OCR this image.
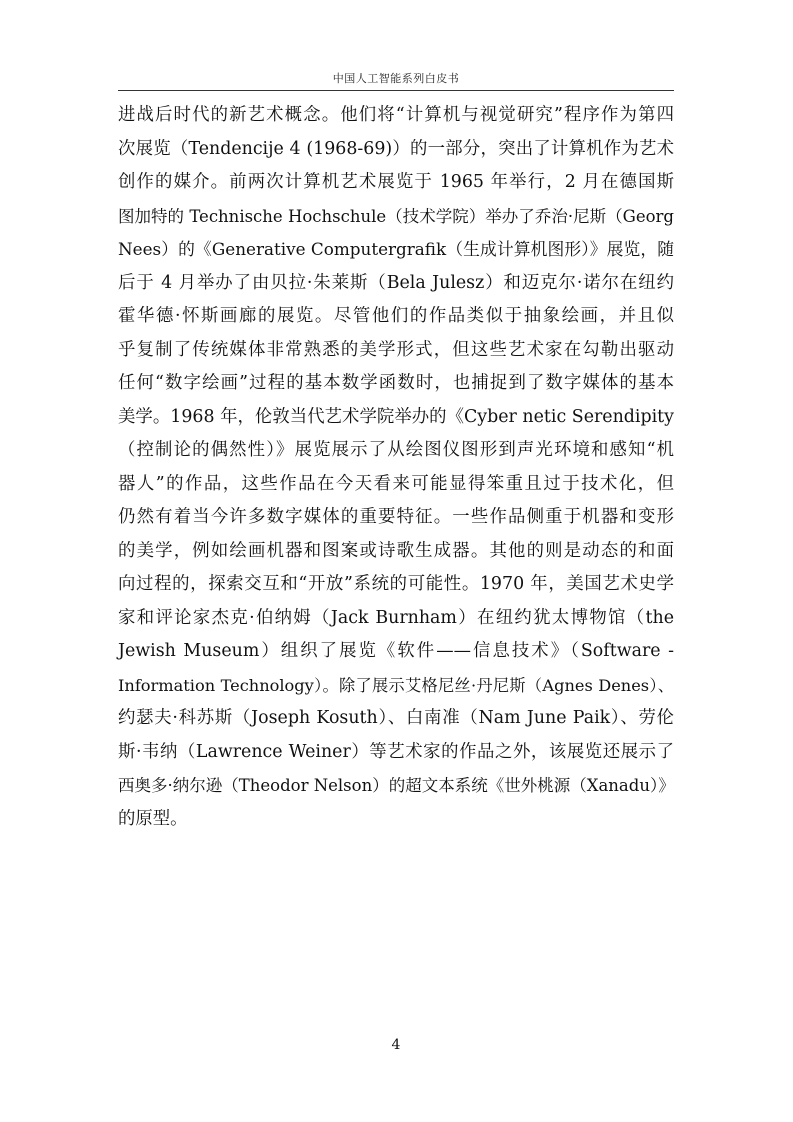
中国人工智能系列白皮书
进战后时代的新艺术概念。他们将“计算机与视觉研究”程序作为第四
次展览（Tendencije 4 (1968-69)）的一部分，突出了计算机作为艺术
创作的媒介。前两次计算机艺术展览于 1965 年举行，2 月在德国斯
图加特的 Technische Hochschule（技术学院）举办了乔治·尼斯（Georg
Nees）的《Generative Computergrafik（生成计算机图形）》展览，随
后于 4 月举办了由贝拉·朱莱斯（Bela Julesz）和迈克尔·诺尔在纽约
霍华德·怀斯画廊的展览。尽管他们的作品类似于抽象绘画，并且似
乎复制了传统媒体非常熟悉的美学形式，但这些艺术家在勾勒出驱动
任何“数字绘画”过程的基本数学函数时，也捕捉到了数字媒体的基本
美学。1968 年，伦敦当代艺术学院举办的《Cyber netic Serendipity
（控制论的偶然性）》展览展示了从绘图仪图形到声光环境和感知“机
器人”的作品，这些作品在今天看来可能显得笨重且过于技术化，但
仍然有着当今许多数字媒体的重要特征。一些作品侧重于机器和变形
的美学，例如绘画机器和图案或诗歌生成器。其他的则是动态的和面
向过程的，探索交互和“开放”系统的可能性。1970 年，美国艺术史学
家和评论家杰克·伯纳姆（Jack Burnham）在纽约犹太博物馆（the
Jewish Museum）组织了展览《软件——信息技术》（Software -
Information Technology）。除了展示艾格尼丝·丹尼斯（Agnes Denes）、
约瑟夫·科苏斯（Joseph Kosuth）、白南准（Nam June Paik）、劳伦
斯·韦纳（Lawrence Weiner）等艺术家的作品之外，该展览还展示了
西奥多·纳尔逊（Theodor Nelson）的超文本系统《世外桃源（Xanadu）》
的原型。
4
